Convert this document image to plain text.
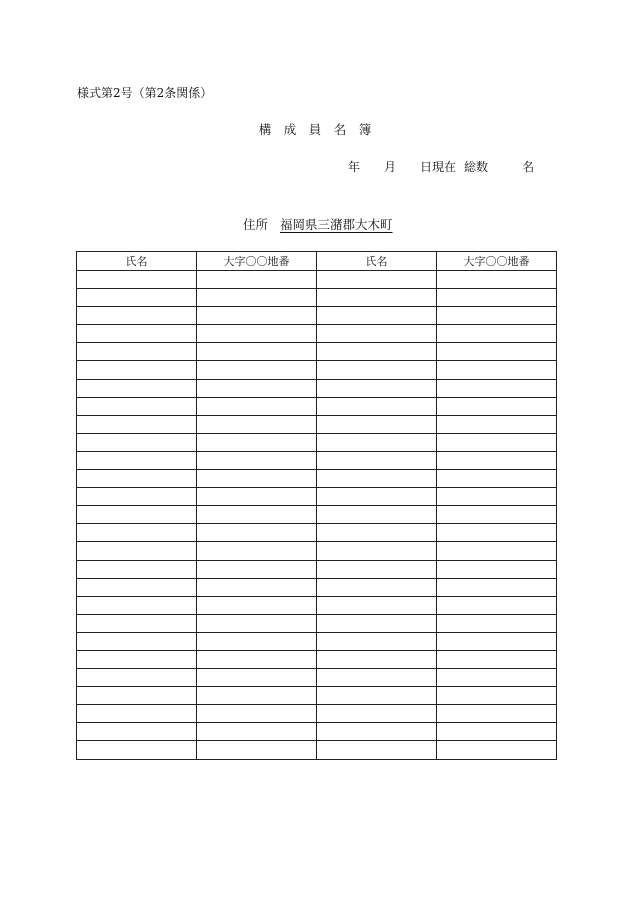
様式第2号（第2条関係）
構　成　員　名　簿
年 月 日現在 総数	名
住所 福岡県三潴郡大木町
氏名	大字〇〇地番	氏名	大字〇〇地番
